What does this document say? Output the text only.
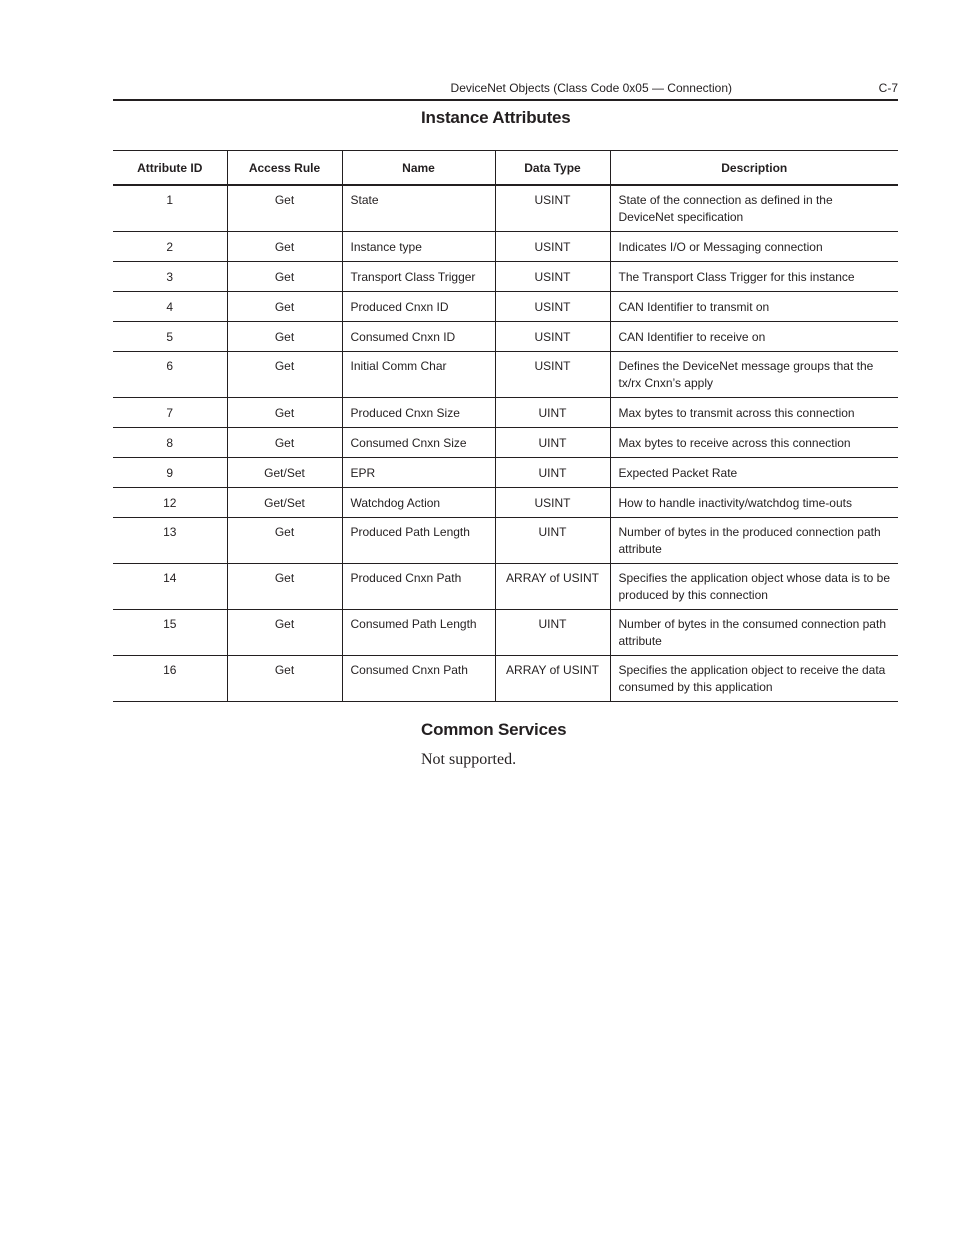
DeviceNet Objects (Class Code 0x05 — Connection)	C-7
Instance Attributes
Attribute ID	Access Rule	Name	Data Type	Description
1	Get	State	USINT	State of the connection as defined in the DeviceNet specification
2	Get	Instance type	USINT	Indicates I/O or Messaging connection
3	Get	Transport Class Trigger	USINT	The Transport Class Trigger for this instance
4	Get	Produced Cnxn ID	USINT	CAN Identifier to transmit on
5	Get	Consumed Cnxn ID	USINT	CAN Identifier to receive on
6	Get	Initial Comm Char	USINT	Defines the DeviceNet message groups that the tx/rx Cnxn’s apply
7	Get	Produced Cnxn Size	UINT	Max bytes to transmit across this connection
8	Get	Consumed Cnxn Size	UINT	Max bytes to receive across this connection
9	Get/Set	EPR	UINT	Expected Packet Rate
12	Get/Set	Watchdog Action	USINT	How to handle inactivity/watchdog time-outs
13	Get	Produced Path Length	UINT	Number of bytes in the produced connection path attribute
14	Get	Produced Cnxn Path	ARRAY of USINT	Specifies the application object whose data is to be produced by this connection
15	Get	Consumed Path Length	UINT	Number of bytes in the consumed connection path attribute
16	Get	Consumed Cnxn Path	ARRAY of USINT	Specifies the application object to receive the data consumed by this application
Common Services
Not supported.
